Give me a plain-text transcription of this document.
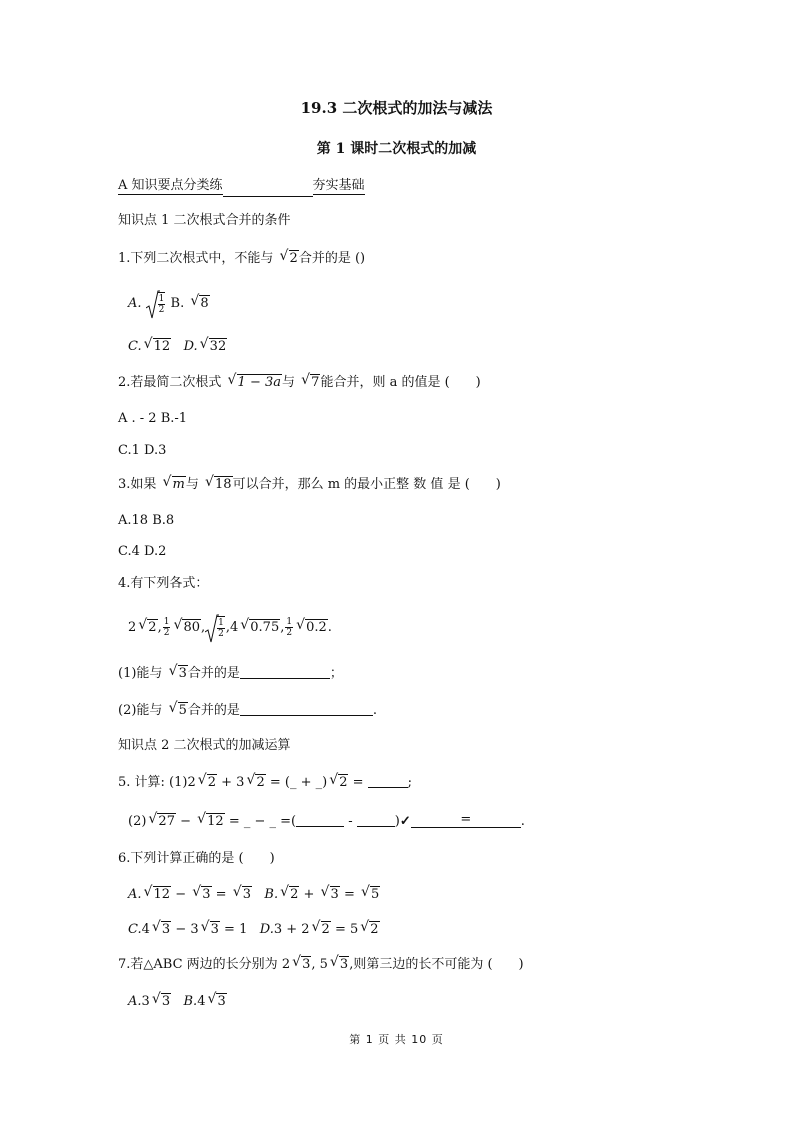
19.3 二次根式的加法与减法
第 1 课时二次根式的加减
A 知识要点分类练	夯实基础
知识点 1 二次根式合并的条件
1.下列二次根式中，不能与 √ 2合并的是 ()
A. $\frac{1}{2} B$. √ 8
C. √ 12 D. √ 32
2.若最简二次根式 √ 1 − 3a与 √ 7能合并，则 a 的值是 (　　)
A . - 2 B.-1
C.1 D.3
3.如果 √ m与 √ 18可以合并，那么 m 的最小正整 数 值 是 (　　)
A.18 B.8
C.4 D.2
4.有下列各式：
2 √ 2, $\frac{1}{2}$ √ 80, $\frac{1}{2} ,4$ √ 0.75, $\frac{1}{2}$ √ 0.2.
(1)能与 √ 3合并的是	；
(2)能与 √ 5合并的是	.
知识点 2 二次根式的加减运算
5. 计算: (1)2 √ 2 + 3 √ 2 = (_ + _) √ 2 =	;
(2) √ 27 − √ 12 = _ − _ =(	-	)✓	=	.
6.下列计算正确的是 (　　)
A. √ 12 − √ 3 = √ 3 B. √ 2 + √ 3 = √ 5
C.4 √ 3 − 3 √ 3 = 1 D.3 + 2 √ 2 = 5 √ 2
7.若△ABC 两边的长分别为 2 √ 3, 5 √ 3,则第三边的长不可能为 (　　)
A.3 √ 3 B.4 √ 3
第 1 页 共 10 页
